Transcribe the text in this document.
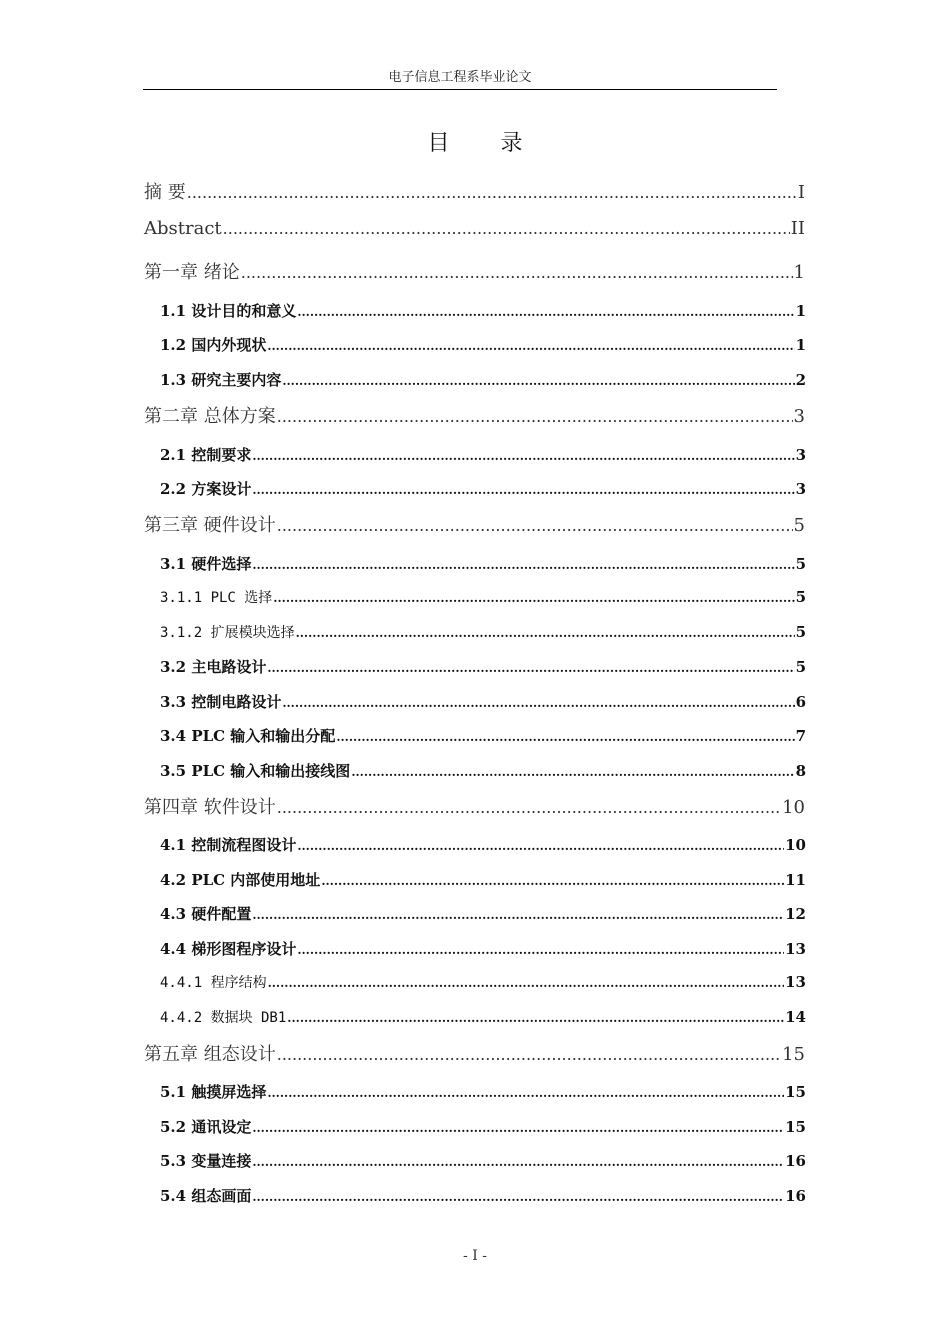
电子信息工程系毕业论文
目 录
摘 要 .....	I
Abstract .....	II
第一章 绪论 .....	1
1.1 设计目的和意义 .....	1
1.2 国内外现状 .....	1
1.3 研究主要内容 .....	2
第二章 总体方案 .....	3
2.1 控制要求 .....	3
2.2 方案设计 .....	3
第三章 硬件设计 .....	5
3.1 硬件选择 .....	5
3.1.1 PLC 选择 .....	5
3.1.2 扩展模块选择 .....	5
3.2 主电路设计 .....	5
3.3 控制电路设计 .....	6
3.4 PLC 输入和输出分配 .....	7
3.5 PLC 输入和输出接线图 .....	8
第四章 软件设计 .....	10
4.1 控制流程图设计 .....	10
4.2 PLC 内部使用地址 .....	11
4.3 硬件配置 .....	12
4.4 梯形图程序设计 .....	13
4.4.1 程序结构 .....	13
4.4.2 数据块 DB1 .....	14
第五章 组态设计 .....	15
5.1 触摸屏选择 .....	15
5.2 通讯设定 .....	15
5.3 变量连接 .....	16
5.4 组态画面 .....	16
- I -
